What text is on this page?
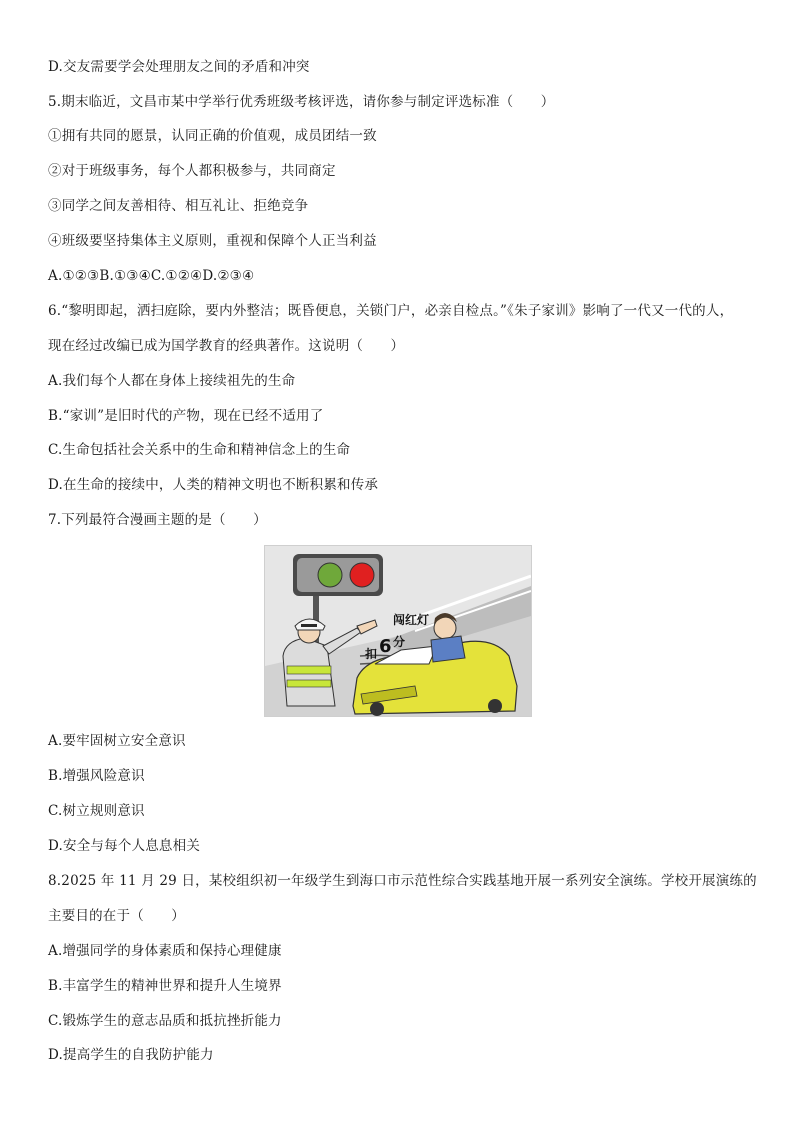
D.交友需要学会处理朋友之间的矛盾和冲突
5.期末临近，文昌市某中学举行优秀班级考核评选，请你参与制定评选标准（　　）
①拥有共同的愿景，认同正确的价值观，成员团结一致
②对于班级事务，每个人都积极参与，共同商定
③同学之间友善相待、相互礼让、拒绝竞争
④班级要坚持集体主义原则，重视和保障个人正当利益
A.①②③B.①③④C.①②④D.②③④
6.“黎明即起，洒扫庭除，要内外整洁；既昏便息，关锁门户，必亲自检点。”《朱子家训》影响了一代又一代的人，
现在经过改编已成为国学教育的经典著作。这说明（　　）
A.我们每个人都在身体上接续祖先的生命
B.“家训”是旧时代的产物，现在已经不适用了
C.生命包括社会关系中的生命和精神信念上的生命
D.在生命的接续中，人类的精神文明也不断积累和传承
7.下列最符合漫画主题的是（　　）
闯红灯
扣 6 分
A.要牢固树立安全意识
B.增强风险意识
C.树立规则意识
D.安全与每个人息息相关
8.2025 年 11 月 29 日，某校组织初一年级学生到海口市示范性综合实践基地开展一系列安全演练。学校开展演练的
主要目的在于（　　）
A.增强同学的身体素质和保持心理健康
B.丰富学生的精神世界和提升人生境界
C.锻炼学生的意志品质和抵抗挫折能力
D.提高学生的自我防护能力
